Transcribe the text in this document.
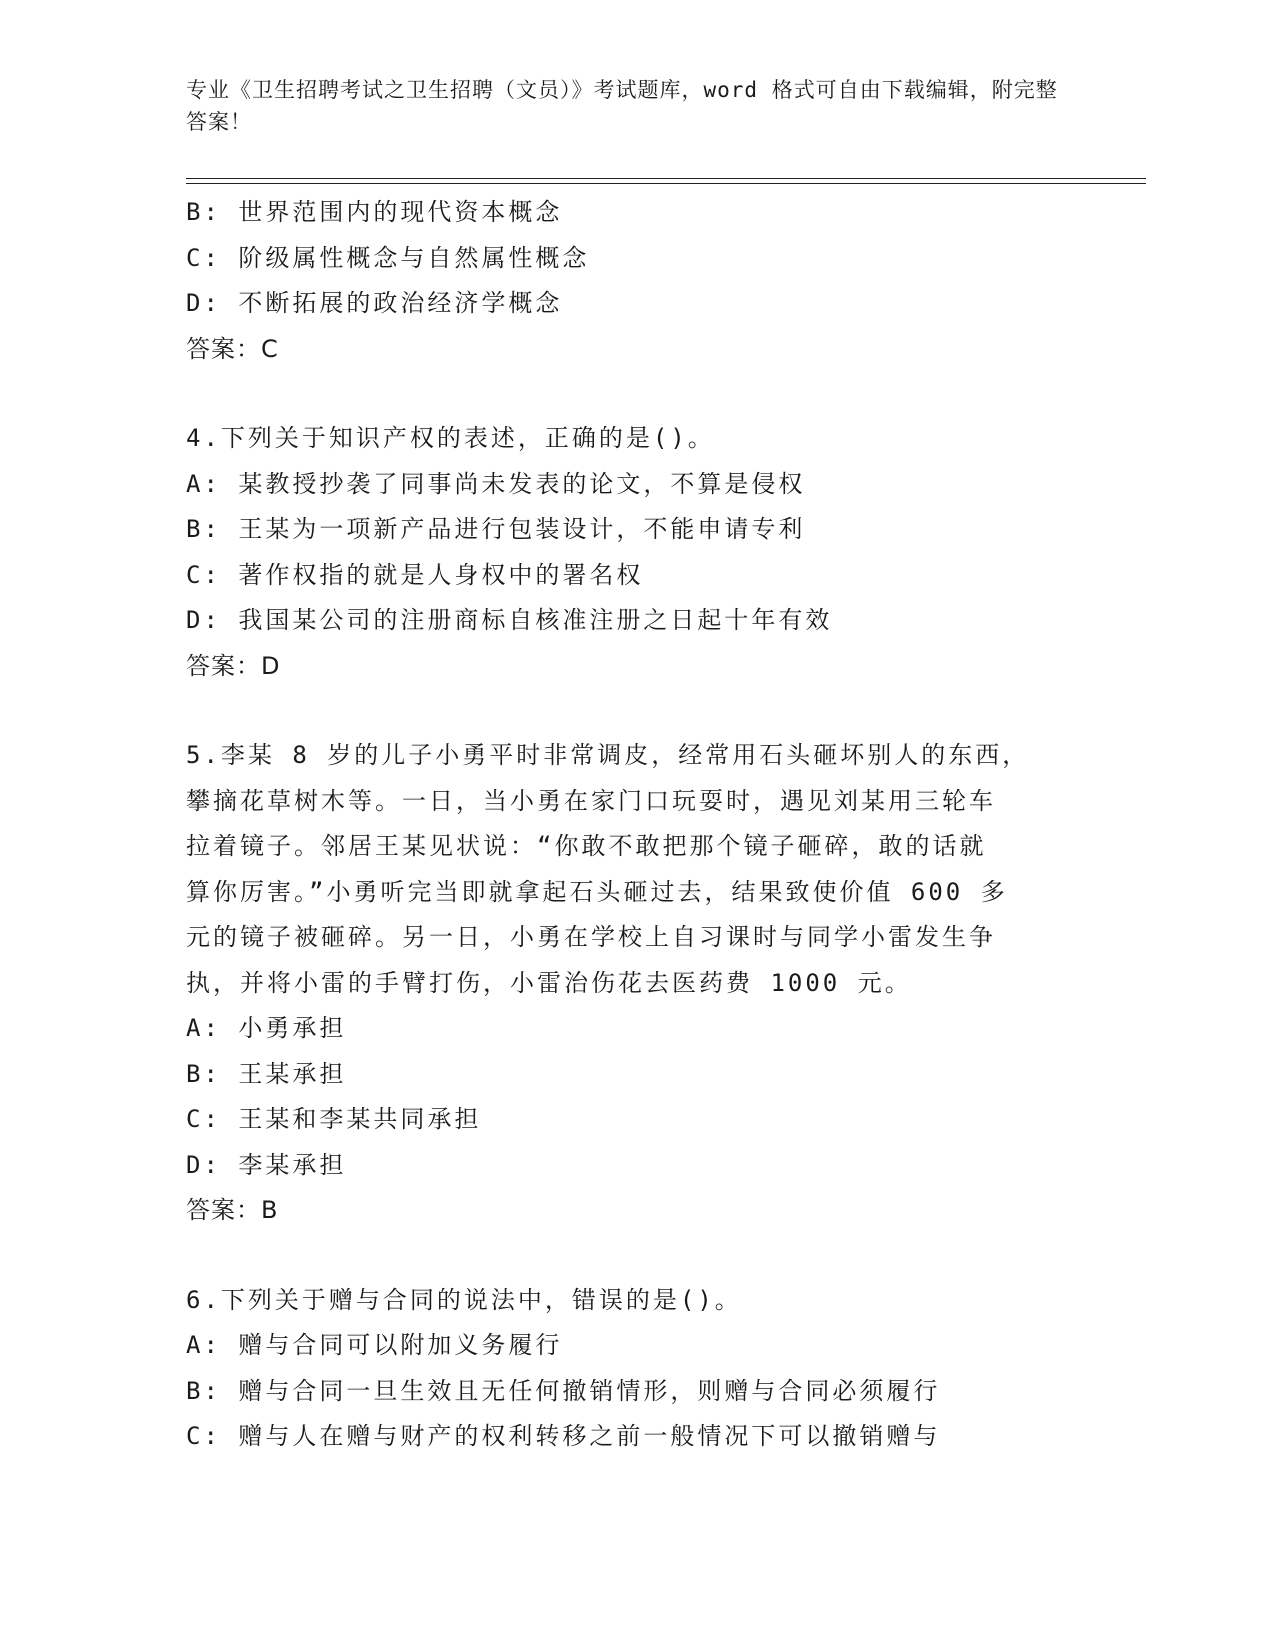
专业《卫生招聘考试之卫生招聘（文员）》考试题库，word 格式可自由下载编辑，附完整答案！
B: 世界范围内的现代资本概念
C: 阶级属性概念与自然属性概念
D: 不断拓展的政治经济学概念
答案：C
4.下列关于知识产权的表述，正确的是()。
A: 某教授抄袭了同事尚未发表的论文，不算是侵权
B: 王某为一项新产品进行包装设计，不能申请专利
C: 著作权指的就是人身权中的署名权
D: 我国某公司的注册商标自核准注册之日起十年有效
答案：D
5.李某 8 岁的儿子小勇平时非常调皮，经常用石头砸坏别人的东西，
攀摘花草树木等。一日，当小勇在家门口玩耍时，遇见刘某用三轮车
拉着镜子。邻居王某见状说：“你敢不敢把那个镜子砸碎，敢的话就
算你厉害。”小勇听完当即就拿起石头砸过去，结果致使价值 600 多
元的镜子被砸碎。另一日，小勇在学校上自习课时与同学小雷发生争
执，并将小雷的手臂打伤，小雷治伤花去医药费 1000 元。
A: 小勇承担
B: 王某承担
C: 王某和李某共同承担
D: 李某承担
答案：B
6.下列关于赠与合同的说法中，错误的是()。
A: 赠与合同可以附加义务履行
B: 赠与合同一旦生效且无任何撤销情形，则赠与合同必须履行
C: 赠与人在赠与财产的权利转移之前一般情况下可以撤销赠与
